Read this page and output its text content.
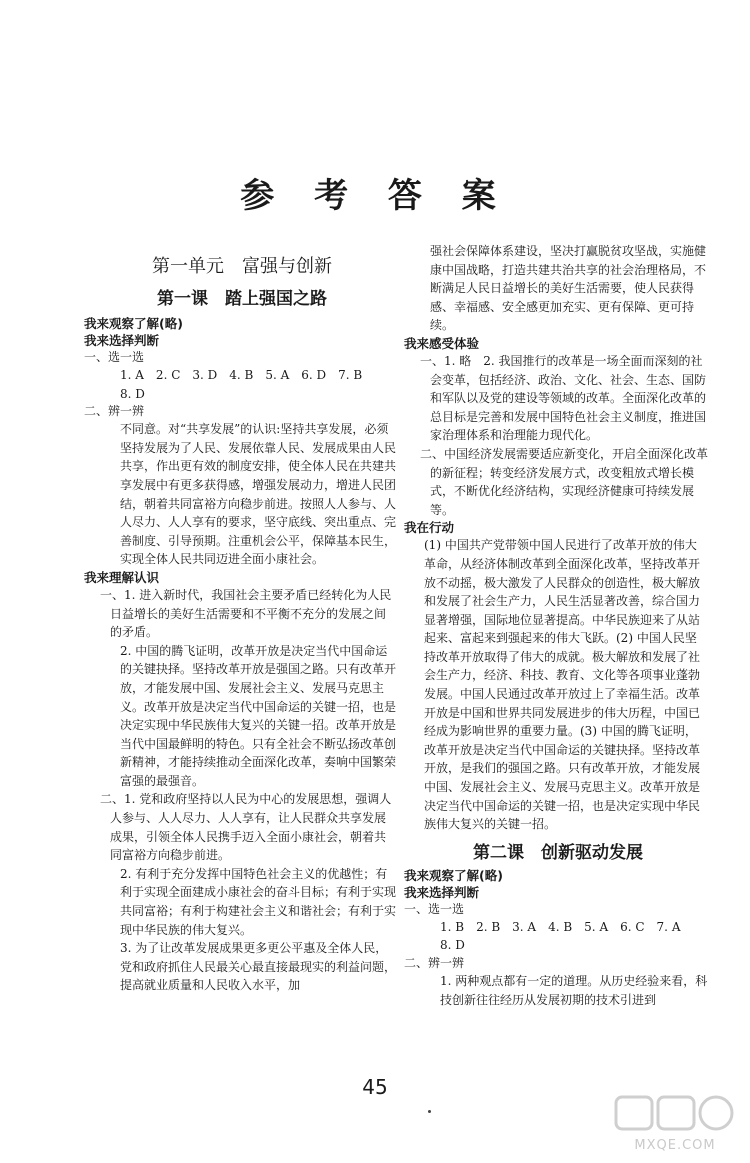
参 考 答 案
第一单元　富强与创新
第一课　踏上强国之路
我来观察了解(略)
我来选择判断
一、选一选
1. A　2. C　3. D　4. B　5. A　6. D　7. B
8. D
二、辨一辨
不同意。对“共享发展”的认识:坚持共享发展，必须坚持发展为了人民、发展依靠人民、发展成果由人民共享，作出更有效的制度安排，使全体人民在共建共享发展中有更多获得感，增强发展动力，增进人民团结，朝着共同富裕方向稳步前进。按照人人参与、人人尽力、人人享有的要求，坚守底线、突出重点、完善制度、引导预期。注重机会公平，保障基本民生，实现全体人民共同迈进全面小康社会。
我来理解认识
一、1. 进入新时代，我国社会主要矛盾已经转化为人民日益增长的美好生活需要和不平衡不充分的发展之间的矛盾。
2. 中国的腾飞证明，改革开放是决定当代中国命运的关键抉择。坚持改革开放是强国之路。只有改革开放，才能发展中国、发展社会主义、发展马克思主义。改革开放是决定当代中国命运的关键一招，也是决定实现中华民族伟大复兴的关键一招。改革开放是当代中国最鲜明的特色。只有全社会不断弘扬改革创新精神，才能持续推动全面深化改革，奏响中国繁荣富强的最强音。
二、1. 党和政府坚持以人民为中心的发展思想，强调人人参与、人人尽力、人人享有，让人民群众共享发展成果，引领全体人民携手迈入全面小康社会，朝着共同富裕方向稳步前进。
2. 有利于充分发挥中国特色社会主义的优越性；有利于实现全面建成小康社会的奋斗目标；有利于实现共同富裕；有利于构建社会主义和谐社会；有利于实现中华民族的伟大复兴。
3. 为了让改革发展成果更多更公平惠及全体人民，党和政府抓住人民最关心最直接最现实的利益问题，提高就业质量和人民收入水平，加
强社会保障体系建设，坚决打赢脱贫攻坚战，实施健康中国战略，打造共建共治共享的社会治理格局，不断满足人民日益增长的美好生活需要，使人民获得感、幸福感、安全感更加充实、更有保障、更可持续。
我来感受体验
一、1. 略　2. 我国推行的改革是一场全面而深刻的社会变革，包括经济、政治、文化、社会、生态、国防和军队以及党的建设等领域的改革。全面深化改革的总目标是完善和发展中国特色社会主义制度，推进国家治理体系和治理能力现代化。
二、中国经济发展需要适应新变化，开启全面深化改革的新征程；转变经济发展方式，改变粗放式增长模式，不断优化经济结构，实现经济健康可持续发展等。
我在行动
(1) 中国共产党带领中国人民进行了改革开放的伟大革命，从经济体制改革到全面深化改革，坚持改革开放不动摇，极大激发了人民群众的创造性，极大解放和发展了社会生产力，人民生活显著改善，综合国力显著增强，国际地位显著提高。中华民族迎来了从站起来、富起来到强起来的伟大飞跃。(2) 中国人民坚持改革开放取得了伟大的成就。极大解放和发展了社会生产力，经济、科技、教育、文化等各项事业蓬勃发展。中国人民通过改革开放过上了幸福生活。改革开放是中国和世界共同发展进步的伟大历程，中国已经成为影响世界的重要力量。(3) 中国的腾飞证明，改革开放是决定当代中国命运的关键抉择。坚持改革开放，是我们的强国之路。只有改革开放，才能发展中国、发展社会主义、发展马克思主义。改革开放是决定当代中国命运的关键一招，也是决定实现中华民族伟大复兴的关键一招。
第二课　创新驱动发展
我来观察了解(略)
我来选择判断
一、选一选
1. B　2. B　3. A　4. B　5. A　6. C　7. A
8. D
二、辨一辨
1. 两种观点都有一定的道理。从历史经验来看，科技创新往往经历从发展初期的技术引进到
45
MXQE.COM
